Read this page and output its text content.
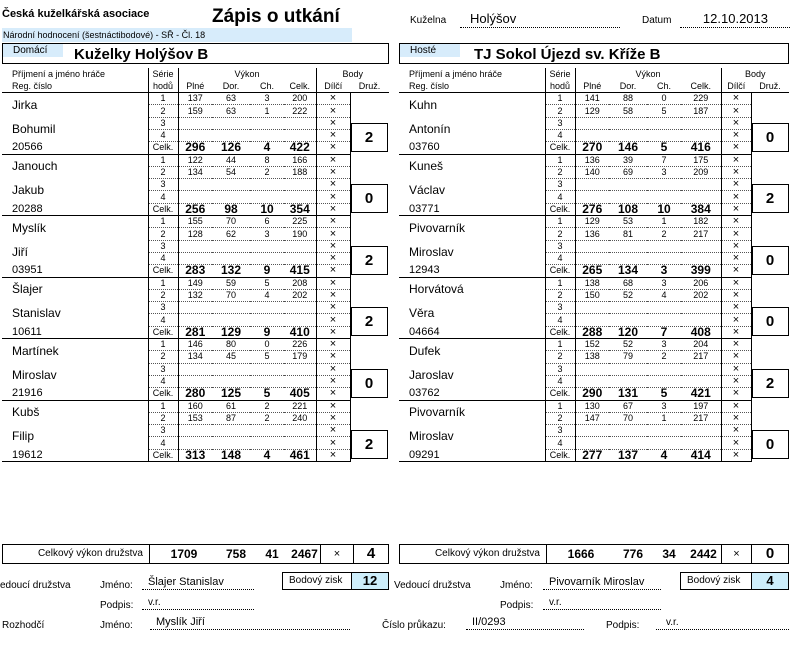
Česká kuželkářská asociace	Zápis o utkání
Národní hodnocení (šestnáctibodové) - SŘ - Čl. 18
Kuželna	Holýšov	Datum	12.10.2013
Domácí	Kuželky Holýšov B	Hosté	TJ Sokol Újezd sv. Kříže B
Příjmení a jméno hráče	Série	Výkon				Body	
Reg. číslo	hodů	Plné	Dor.	Ch.	Celk.	Dílčí	Druž.
Jirka	1	137	63	3	200	×	2

	2	159	63	1	222	×	
Bohumil	3					×	
	4					×	
20566	Celk.	296	126	4	422	×	
Janouch	1	122	44	8	166	×	0

	2	134	54	2	188	×	
Jakub	3					×	
	4					×	
20288	Celk.	256	98	10	354	×	
Myslík	1	155	70	6	225	×	2

	2	128	62	3	190	×	
Jiří	3					×	
	4					×	
03951	Celk.	283	132	9	415	×	
Šlajer	1	149	59	5	208	×	2

	2	132	70	4	202	×	
Stanislav	3					×	
	4					×	
10611	Celk.	281	129	9	410	×	
Martínek	1	146	80	0	226	×	0

	2	134	45	5	179	×	
Miroslav	3					×	
	4					×	
21916	Celk.	280	125	5	405	×	
Kubš	1	160	61	2	221	×	2

	2	153	87	2	240	×	
Filip	3					×	
	4					×	
19612	Celk.	313	148	4	461	×	
Příjmení a jméno hráče	Série	Výkon				Body	
Reg. číslo	hodů	Plné	Dor.	Ch.	Celk.	Dílčí	Druž.
Kuhn	1	141	88	0	229	×	0

	2	129	58	5	187	×	
Antonín	3					×	
	4					×	
03760	Celk.	270	146	5	416	×	
Kuneš	1	136	39	7	175	×	2

	2	140	69	3	209	×	
Václav	3					×	
	4					×	
03771	Celk.	276	108	10	384	×	
Pivovarník	1	129	53	1	182	×	0

	2	136	81	2	217	×	
Miroslav	3					×	
	4					×	
12943	Celk.	265	134	3	399	×	
Horvátová	1	138	68	3	206	×	0

	2	150	52	4	202	×	
Věra	3					×	
	4					×	
04664	Celk.	288	120	7	408	×	
Dufek	1	152	52	3	204	×	2

	2	138	79	2	217	×	
Jaroslav	3					×	
	4					×	
03762	Celk.	290	131	5	421	×	
Pivovarník	1	130	67	3	197	×	0

	2	147	70	1	217	×	
Miroslav	3					×	
	4					×	
09291	Celk.	277	137	4	414	×	
Celkový výkon družstva	1709	758	41	2467	×	4	Celkový výkon družstva	1666	776	34	2442	×	0
edoucí družstva	Jméno:	Šlajer Stanislav
Podpis:	v.r.
Bodový zisk	12	Vedoucí družstva	Jméno:	Pivovarník Miroslav
Podpis:	v.r.
Bodový zisk	4
Rozhodčí	Jméno:	Myslík Jiří	Číslo průkazu:	II/0293	Podpis:	v.r.
